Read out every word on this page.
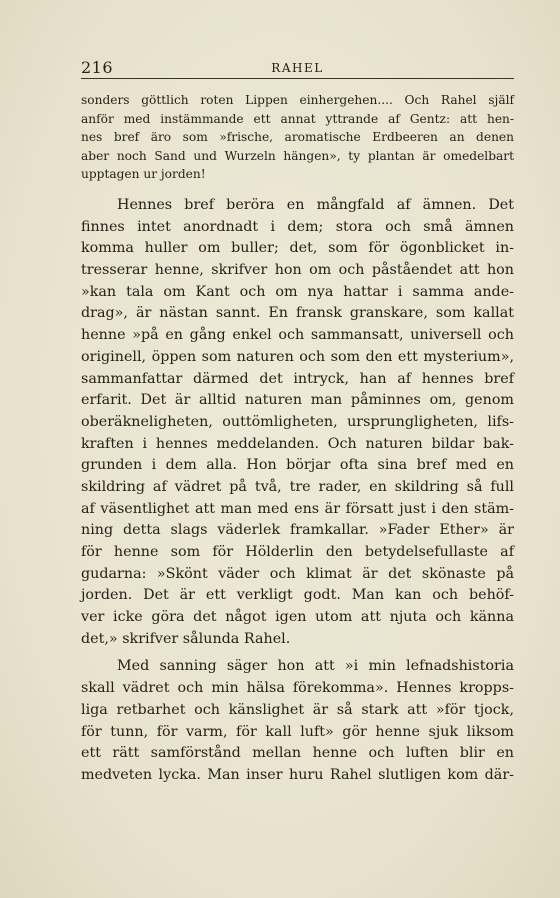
216	RAHEL
sonders göttlich roten Lippen einhergehen.... Och Rahel själf
anför med instämmande ett annat yttrande af Gentz: att hen-
nes bref äro som »frische, aromatische Erdbeeren an denen
aber noch Sand und Wurzeln hängen», ty plantan är omedelbart
upptagen ur jorden!
Hennes bref beröra en mångfald af ämnen. Det
finnes intet anordnadt i dem; stora och små ämnen
komma huller om buller; det, som för ögonblicket in-
tresserar henne, skrifver hon om och påståendet att hon
»kan tala om Kant och om nya hattar i samma ande-
drag», är nästan sannt. En fransk granskare, som kallat
henne »på en gång enkel och sammansatt, universell och
originell, öppen som naturen och som den ett mysterium»,
sammanfattar därmed det intryck, han af hennes bref
erfarit. Det är alltid naturen man påminnes om, genom
oberäkneligheten, outtömligheten, ursprungligheten, lifs-
kraften i hennes meddelanden. Och naturen bildar bak-
grunden i dem alla. Hon börjar ofta sina bref med en
skildring af vädret på två, tre rader, en skildring så full
af väsentlighet att man med ens är försatt just i den stäm-
ning detta slags väderlek framkallar. »Fader Ether» är
för henne som för Hölderlin den betydelsefullaste af
gudarna: »Skönt väder och klimat är det skönaste på
jorden. Det är ett verkligt godt. Man kan och behöf-
ver icke göra det något igen utom att njuta och känna
det,» skrifver sålunda Rahel.
Med sanning säger hon att »i min lefnadshistoria
skall vädret och min hälsa förekomma». Hennes kropps-
liga retbarhet och känslighet är så stark att »för tjock,
för tunn, för varm, för kall luft» gör henne sjuk liksom
ett rätt samförstånd mellan henne och luften blir en
medveten lycka. Man inser huru Rahel slutligen kom där-
